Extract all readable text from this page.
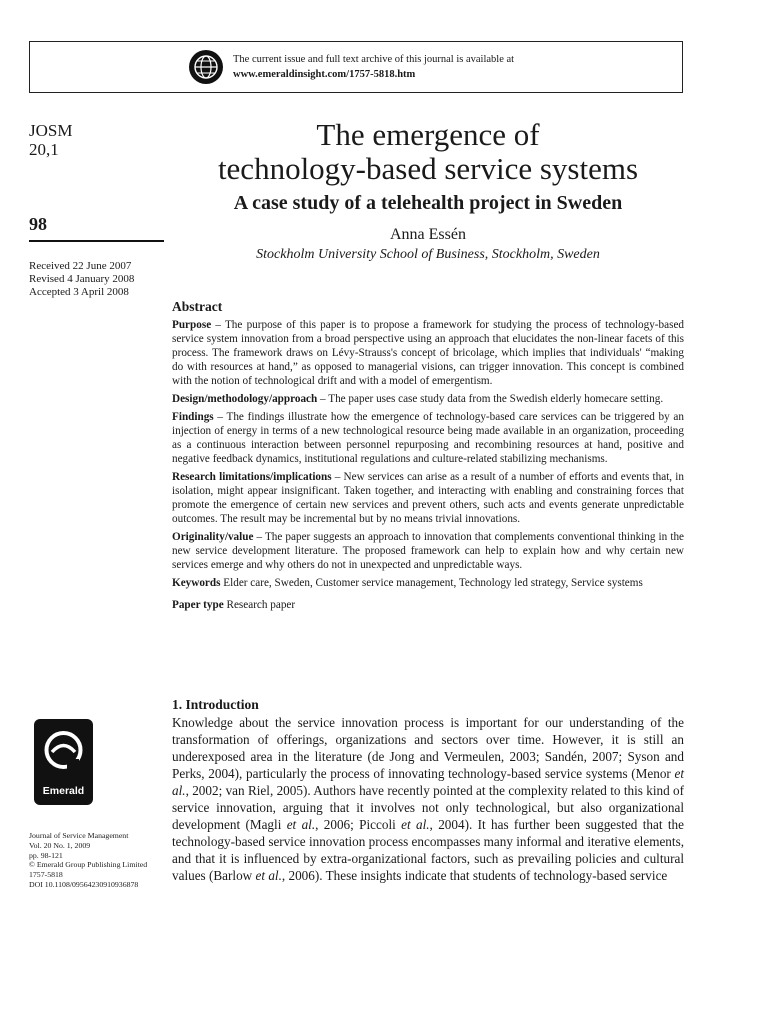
The current issue and full text archive of this journal is available at
www.emeraldinsight.com/1757-5818.htm
JOSM
20,1
98
Received 22 June 2007
Revised 4 January 2008
Accepted 3 April 2008
The emergence of
technology-based service systems
A case study of a telehealth project in Sweden
Anna Essén
Stockholm University School of Business, Stockholm, Sweden
Abstract

Purpose – The purpose of this paper is to propose a framework for studying the process of technology-based service system innovation from a broad perspective using an approach that elucidates the non-linear facets of this process. The framework draws on Lévy-Strauss's concept of bricolage, which implies that individuals' “making do with resources at hand,” as opposed to managerial visions, can trigger innovation. This concept is combined with the notion of technological drift and with a model of emergentism.

Design/methodology/approach – The paper uses case study data from the Swedish elderly homecare setting.

Findings – The findings illustrate how the emergence of technology-based care services can be triggered by an injection of energy in terms of a new technological resource being made available in an organization, proceeding as a continuous interaction between personnel repurposing and recombining resources at hand, positive and negative feedback dynamics, institutional regulations and culture-related stabilizing mechanisms.

Research limitations/implications – New services can arise as a result of a number of efforts and events that, in isolation, might appear insignificant. Taken together, and interacting with enabling and constraining forces that promote the emergence of certain new services and prevent others, such acts and events generate unpredictable outcomes. The result may be incremental but by no means trivial innovations.

Originality/value – The paper suggests an approach to innovation that complements conventional thinking in the new service development literature. The proposed framework can help to explain how and why certain new services emerge and why others do not in unexpected and unpredictable ways.

Keywords Elder care, Sweden, Customer service management, Technology led strategy, Service systems

Paper type Research paper

1. Introduction

Knowledge about the service innovation process is important for our understanding of the transformation of offerings, organizations and sectors over time. However, it is still an underexposed area in the literature (de Jong and Vermeulen, 2003; Sandén, 2007; Syson and Perks, 2004), particularly the process of innovating technology-based service systems (Menor et al., 2002; van Riel, 2005). Authors have recently pointed at the complexity related to this kind of service innovation, arguing that it involves not only technological, but also organizational development (Magli et al., 2006; Piccoli et al., 2004). It has further been suggested that the technology-based service innovation process encompasses many informal and iterative elements, and that it is influenced by extra-organizational factors, such as prevailing policies and cultural values (Barlow et al., 2006). These insights indicate that students of technology-based service

Emerald
Journal of Service Management
Vol. 20 No. 1, 2009
pp. 98-121
© Emerald Group Publishing Limited
1757-5818
DOI 10.1108/09564230910936878
